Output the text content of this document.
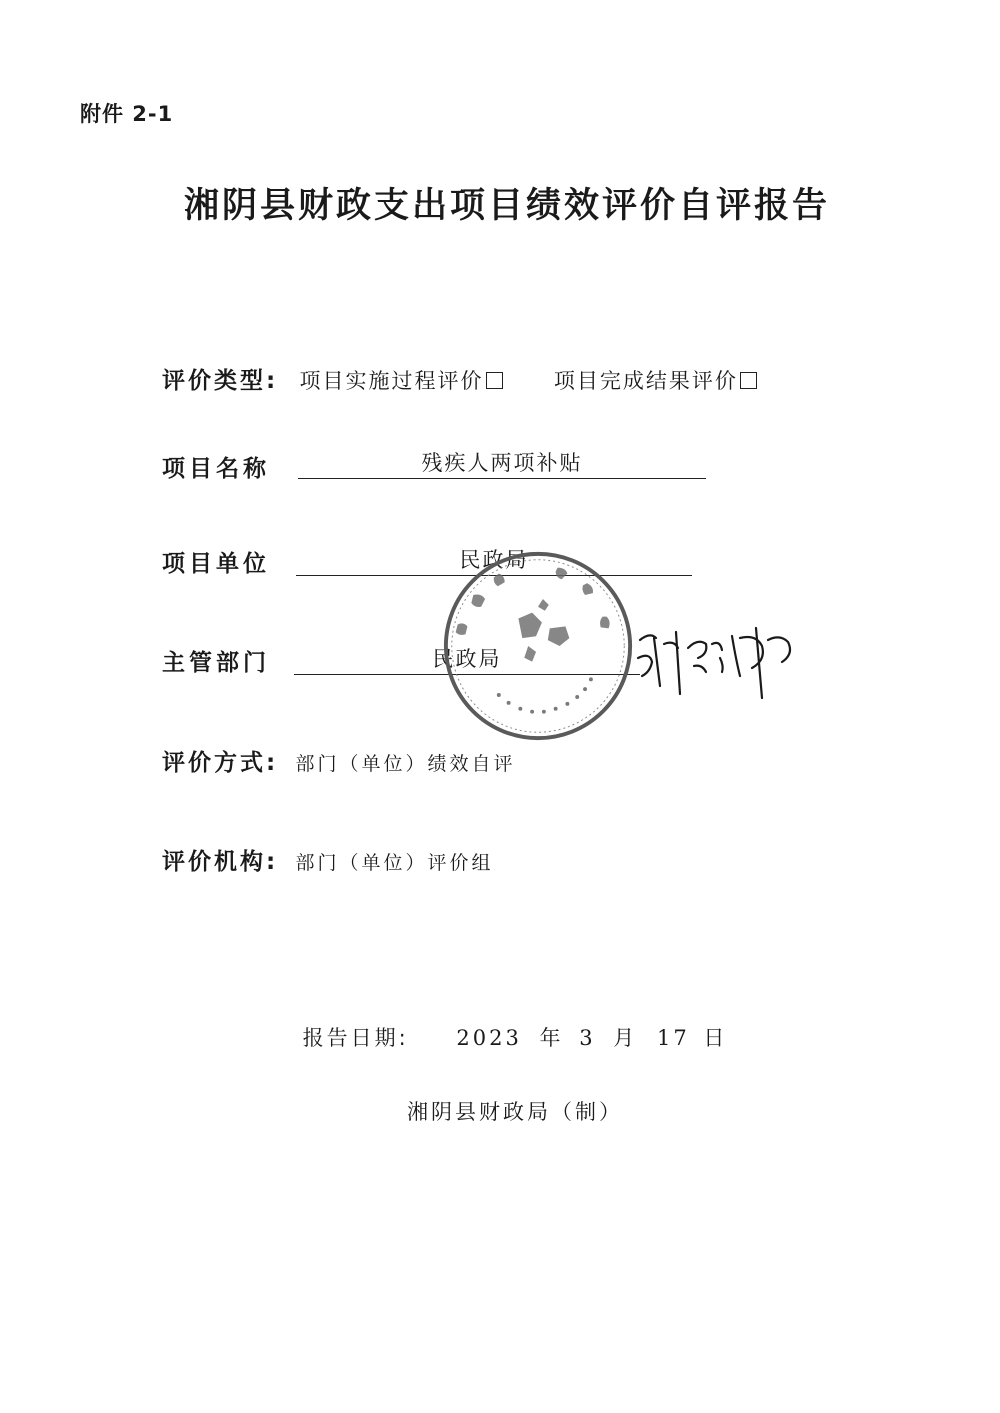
附件 2-1
湘阴县财政支出项目绩效评价自评报告
评价类型: 项目实施过程评价	项目完成结果评价
项目名称	残疾人两项补贴
项目单位	民政局
主管部门	民政局
评价方式: 部门（单位）绩效自评
评价机构: 部门（单位）评价组
报告日期: 2023 年 3 月 17 日
湘阴县财政局（制）
